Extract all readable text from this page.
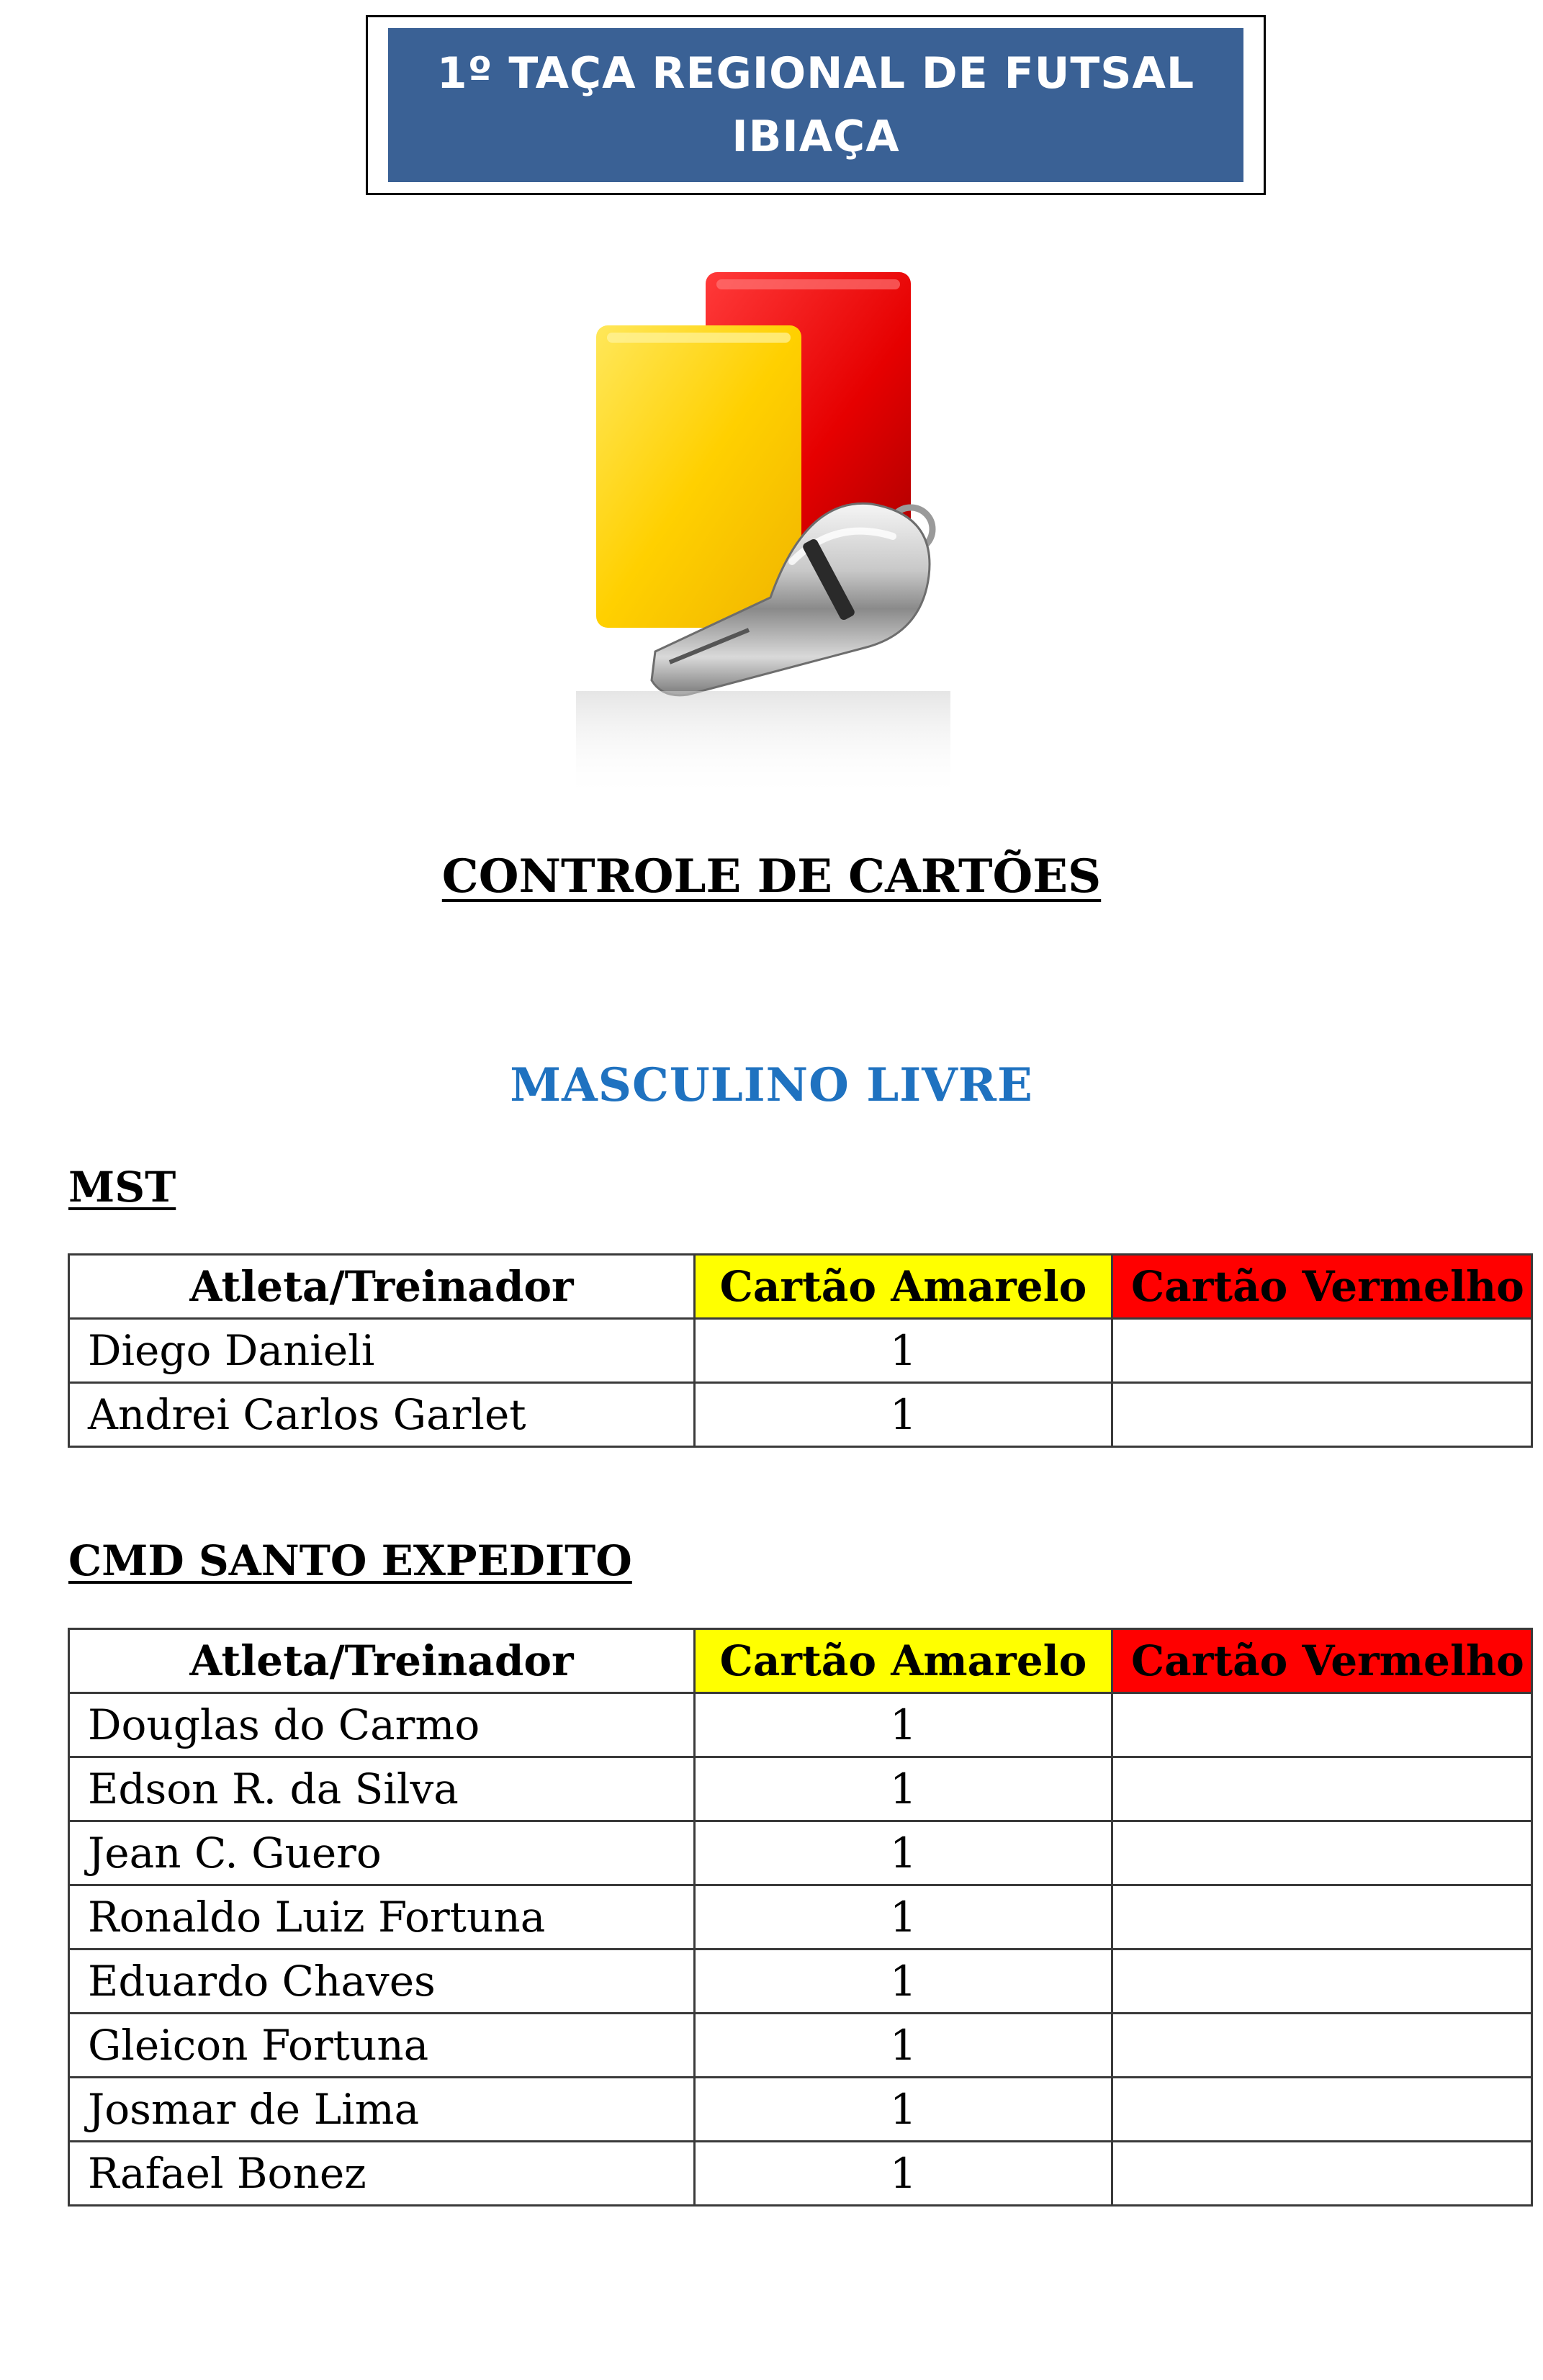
1º TAÇA REGIONAL DE FUTSAL
IBIAÇA
CONTROLE DE CARTÕES
MASCULINO LIVRE
MST
Atleta/Treinador	Cartão Amarelo	Cartão Vermelho
Diego Danieli	1	
Andrei Carlos Garlet	1	
CMD SANTO EXPEDITO
Atleta/Treinador	Cartão Amarelo	Cartão Vermelho
Douglas do Carmo	1	
Edson R. da Silva	1	
Jean C. Guero	1	
Ronaldo Luiz Fortuna	1	
Eduardo Chaves	1	
Gleicon Fortuna	1	
Josmar de Lima	1	
Rafael Bonez	1	
